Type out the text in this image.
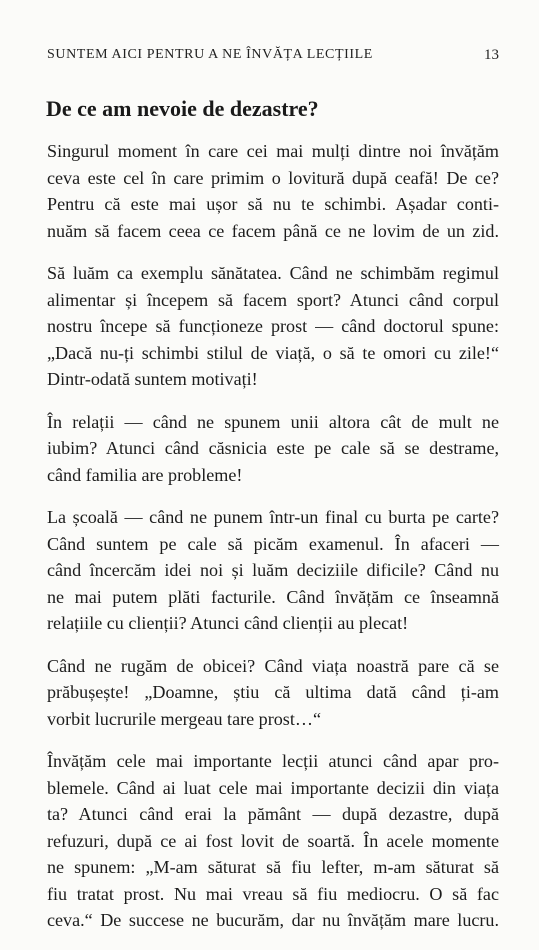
SUNTEM AICI PENTRU A NE ÎNVĂȚA LECȚIILE	13
De ce am nevoie de dezastre?

Singurul moment în care cei mai mulți dintre noi învățăm
ceva este cel în care primim o lovitură după ceafă! De ce?
Pentru că este mai ușor să nu te schimbi. Așadar conti-
nuăm să facem ceea ce facem până ce ne lovim de un zid.

Să luăm ca exemplu sănătatea. Când ne schimbăm regimul
alimentar și începem să facem sport? Atunci când corpul
nostru începe să funcționeze prost — când doctorul spune:
„Dacă nu-ți schimbi stilul de viață, o să te omori cu zile!“
Dintr-odată suntem motivați!

În relații — când ne spunem unii altora cât de mult ne
iubim? Atunci când căsnicia este pe cale să se destrame,
când familia are probleme!

La școală — când ne punem într-un final cu burta pe carte?
Când suntem pe cale să picăm examenul. În afaceri —
când încercăm idei noi și luăm deciziile dificile? Când nu
ne mai putem plăti facturile. Când învățăm ce înseamnă
relațiile cu clienții? Atunci când clienții au plecat!

Când ne rugăm de obicei? Când viața noastră pare că se
prăbușește! „Doamne, știu că ultima dată când ți-am
vorbit lucrurile mergeau tare prost…“

Învățăm cele mai importante lecții atunci când apar pro-
blemele. Când ai luat cele mai importante decizii din viața
ta? Atunci când erai la pământ — după dezastre, după
refuzuri, după ce ai fost lovit de soartă. În acele momente
ne spunem: „M-am săturat să fiu lefter, m-am săturat să
fiu tratat prost. Nu mai vreau să fiu mediocru. O să fac
ceva.“ De succese ne bucurăm, dar nu învățăm mare lucru.
